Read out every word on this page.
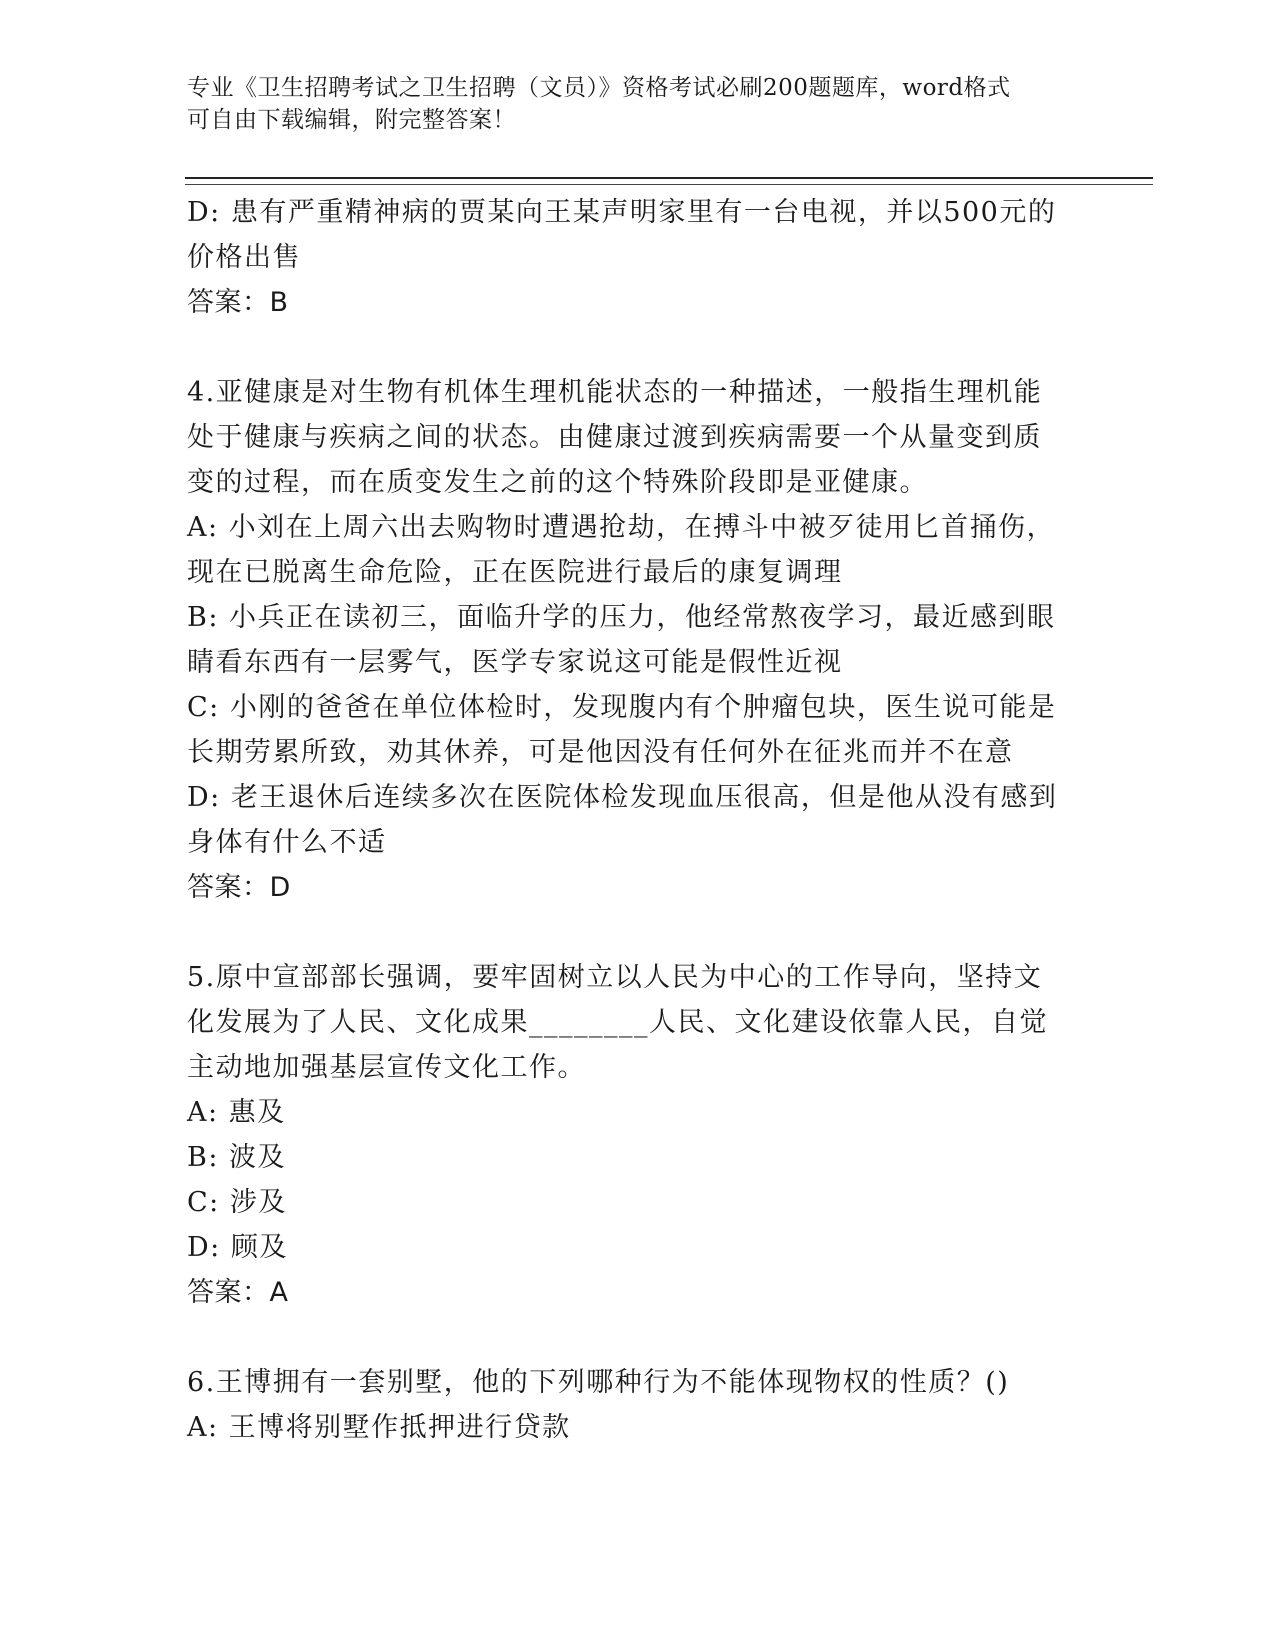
专业《卫生招聘考试之卫生招聘（文员）》资格考试必刷200题题库，word格式
可自由下载编辑，附完整答案！
D: 患有严重精神病的贾某向王某声明家里有一台电视，并以500元的
价格出售
答案：B
4.亚健康是对生物有机体生理机能状态的一种描述，一般指生理机能
处于健康与疾病之间的状态。由健康过渡到疾病需要一个从量变到质
变的过程，而在质变发生之前的这个特殊阶段即是亚健康。
A: 小刘在上周六出去购物时遭遇抢劫，在搏斗中被歹徒用匕首捅伤，
现在已脱离生命危险，正在医院进行最后的康复调理
B: 小兵正在读初三，面临升学的压力，他经常熬夜学习，最近感到眼
睛看东西有一层雾气，医学专家说这可能是假性近视
C: 小刚的爸爸在单位体检时，发现腹内有个肿瘤包块，医生说可能是
长期劳累所致，劝其休养，可是他因没有任何外在征兆而并不在意
D: 老王退休后连续多次在医院体检发现血压很高，但是他从没有感到
身体有什么不适
答案：D
5.原中宣部部长强调，要牢固树立以人民为中心的工作导向，坚持文
化发展为了人民、文化成果________人民、文化建设依靠人民，自觉
主动地加强基层宣传文化工作。
A: 惠及
B: 波及
C: 涉及
D: 顾及
答案：A
6.王博拥有一套别墅，他的下列哪种行为不能体现物权的性质？()
A: 王博将别墅作抵押进行贷款
